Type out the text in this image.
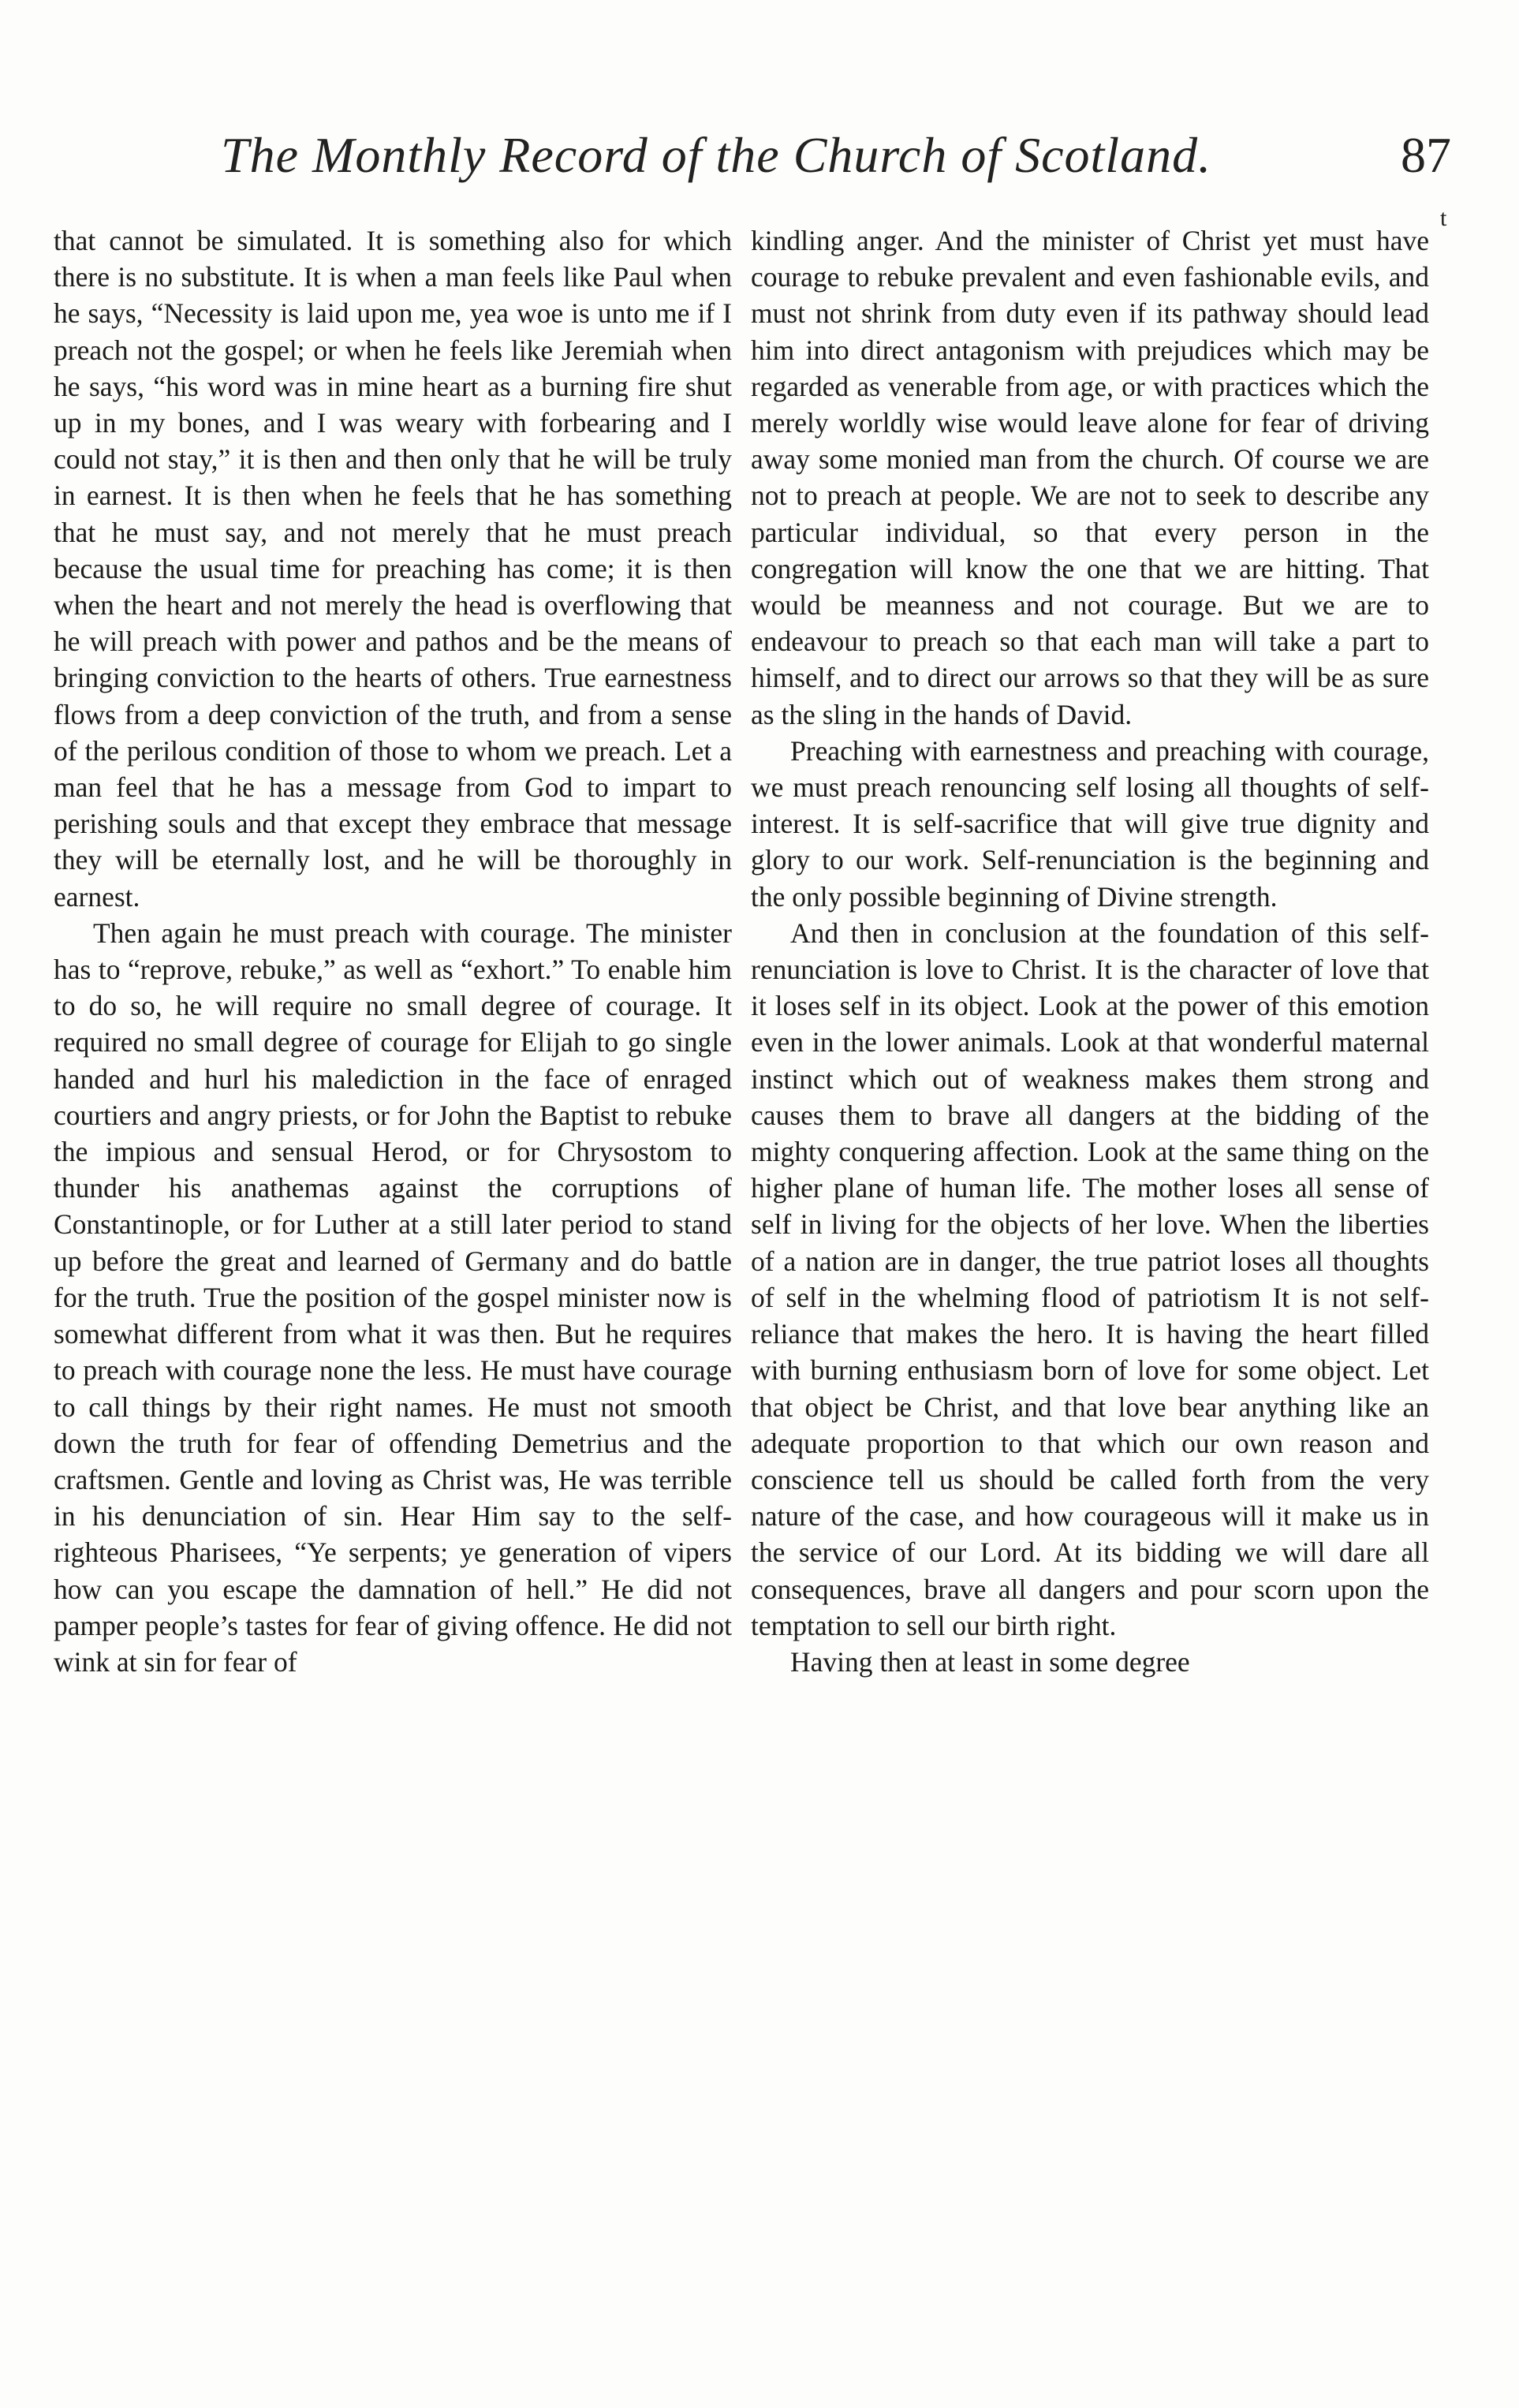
The Monthly Record of the Church of Scotland.	87
t

that cannot be simulated. It is something also for which there is no substitute. It is when a man feels like Paul when he says, “Necessity is laid upon me, yea woe is unto me if I preach not the gospel; or when he feels like Jeremiah when he says, “his word was in mine heart as a burning fire shut up in my bones, and I was weary with forbearing and I could not stay,” it is then and then only that he will be truly in earnest. It is then when he feels that he has something that he must say, and not merely that he must preach because the usual time for preaching has come; it is then when the heart and not merely the head is overflowing that he will preach with power and pathos and be the means of bringing conviction to the hearts of others. True earnestness flows from a deep conviction of the truth, and from a sense of the perilous condition of those to whom we preach. Let a man feel that he has a message from God to impart to perishing souls and that except they embrace that message they will be eternally lost, and he will be thoroughly in earnest.

Then again he must preach with courage. The minister has to “reprove, rebuke,” as well as “exhort.” To enable him to do so, he will require no small degree of courage. It required no small degree of courage for Elijah to go single handed and hurl his malediction in the face of enraged courtiers and angry priests, or for John the Baptist to rebuke the impious and sensual Herod, or for Chrysostom to thunder his anathemas against the corruptions of Constantinople, or for Luther at a still later period to stand up before the great and learned of Germany and do battle for the truth. True the position of the gospel minister now is somewhat different from what it was then. But he requires to preach with courage none the less. He must have courage to call things by their right names. He must not smooth down the truth for fear of offending Demetrius and the craftsmen. Gentle and loving as Christ was, He was terrible in his denunciation of sin. Hear Him say to the self-righteous Pharisees, “Ye serpents; ye generation of vipers how can you escape the damnation of hell.” He did not pamper people’s tastes for fear of giving offence. He did not wink at sin for fear of

kindling anger. And the minister of Christ yet must have courage to rebuke prevalent and even fashionable evils, and must not shrink from duty even if its pathway should lead him into direct antagonism with prejudices which may be regarded as venerable from age, or with practices which the merely worldly wise would leave alone for fear of driving away some monied man from the church. Of course we are not to preach at people. We are not to seek to describe any particular individual, so that every person in the congregation will know the one that we are hitting. That would be meanness and not courage. But we are to endeavour to preach so that each man will take a part to himself, and to direct our arrows so that they will be as sure as the sling in the hands of David.

Preaching with earnestness and preaching with courage, we must preach renouncing self losing all thoughts of self-interest. It is self-sacrifice that will give true dignity and glory to our work. Self-renunciation is the beginning and the only possible beginning of Divine strength.

And then in conclusion at the foundation of this self-renunciation is love to Christ. It is the character of love that it loses self in its object. Look at the power of this emotion even in the lower animals. Look at that wonderful maternal instinct which out of weakness makes them strong and causes them to brave all dangers at the bidding of the mighty conquering affection. Look at the same thing on the higher plane of human life. The mother loses all sense of self in living for the objects of her love. When the liberties of a nation are in danger, the true patriot loses all thoughts of self in the whelming flood of patriotism It is not self-reliance that makes the hero. It is having the heart filled with burning enthusiasm born of love for some object. Let that object be Christ, and that love bear anything like an adequate proportion to that which our own reason and conscience tell us should be called forth from the very nature of the case, and how courageous will it make us in the service of our Lord. At its bidding we will dare all consequences, brave all dangers and pour scorn upon the temptation to sell our birth right.

Having then at least in some degree
